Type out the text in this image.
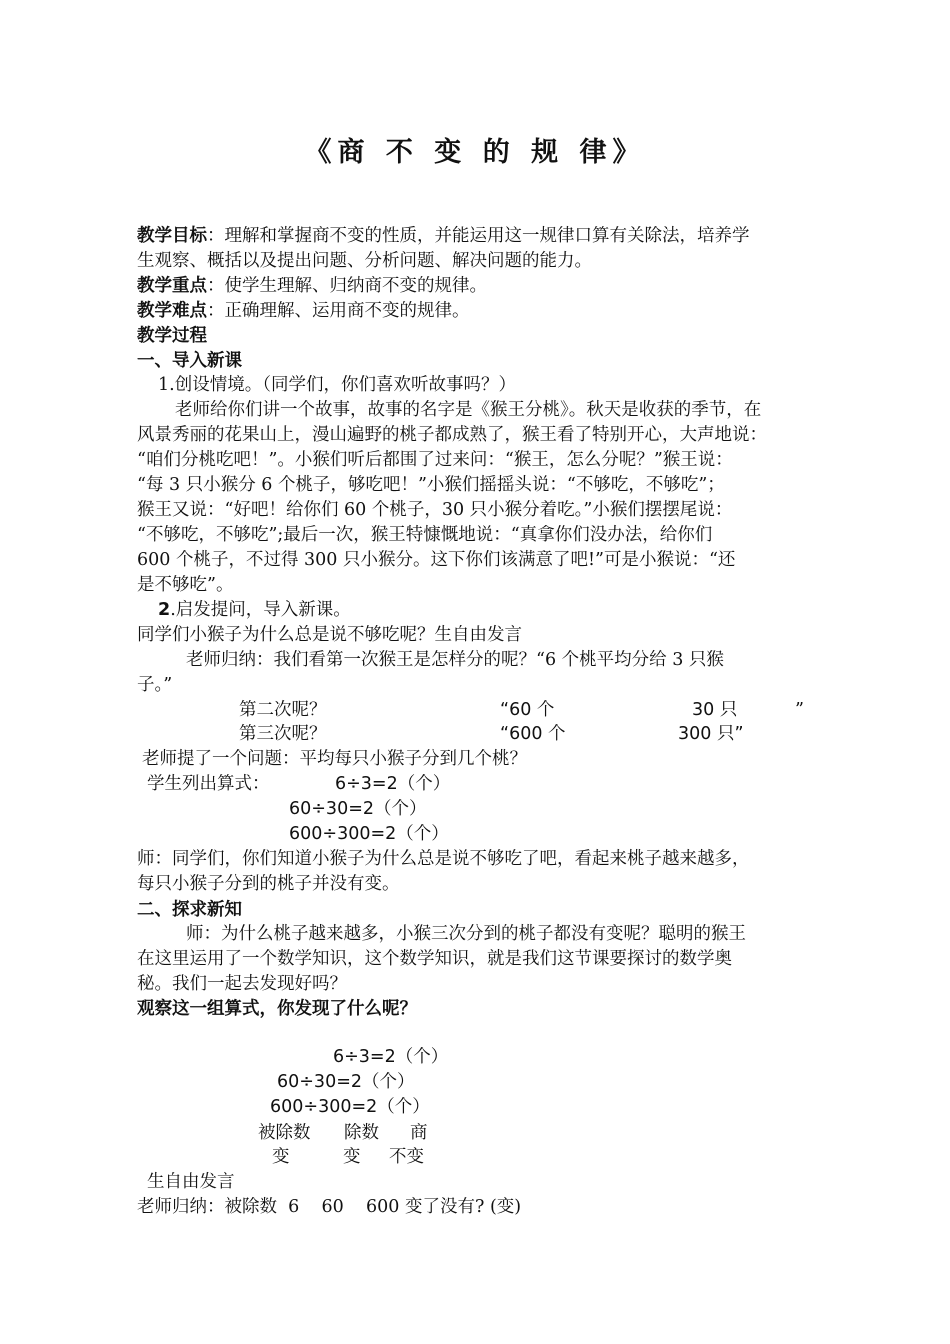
《商 不 变 的 规 律》
教学目标：理解和掌握商不变的性质，并能运用这一规律口算有关除法，培养学
生观察、概括以及提出问题、分析问题、解决问题的能力。
教学重点：使学生理解、归纳商不变的规律。
教学难点：正确理解、运用商不变的规律。
教学过程
一、导入新课
1.创设情境。（同学们，你们喜欢听故事吗？）
老师给你们讲一个故事，故事的名字是《猴王分桃》。秋天是收获的季节，在
风景秀丽的花果山上，漫山遍野的桃子都成熟了，猴王看了特别开心，大声地说：
“咱们分桃吃吧！”。小猴们听后都围了过来问：“猴王，怎么分呢？”猴王说：
“每 3 只小猴分 6 个桃子，够吃吧！”小猴们摇摇头说：“不够吃，不够吃”；
猴王又说：“好吧！给你们 60 个桃子，30 只小猴分着吃。”小猴们摆摆尾说：
“不够吃，不够吃”;最后一次，猴王特慷慨地说：“真拿你们没办法，给你们
600 个桃子，不过得 300 只小猴分。这下你们该满意了吧!”可是小猴说：“还
是不够吃”。
2.启发提问，导入新课。
同学们小猴子为什么总是说不够吃呢？生自由发言
老师归纳：我们看第一次猴王是怎样分的呢？“6 个桃平均分给 3 只猴
子。”
第二次呢？	“60 个	30 只	”
第三次呢？	“600 个	300 只”
老师提了一个问题：平均每只小猴子分到几个桃？
学生列出算式：	6÷3=2（个）
60÷30=2（个）
600÷300=2（个）
师：同学们，你们知道小猴子为什么总是说不够吃了吧，看起来桃子越来越多，
每只小猴子分到的桃子并没有变。
二、探求新知
师：为什么桃子越来越多，小猴三次分到的桃子都没有变呢？聪明的猴王
在这里运用了一个数学知识，这个数学知识，就是我们这节课要探讨的数学奥
秘。我们一起去发现好吗？
观察这一组算式，你发现了什么呢？
6÷3=2（个）
60÷30=2（个）
600÷300=2（个）
被除数 除数 商
变	变 不变
生自由发言
老师归纳：被除数  6    60    600 变了没有? (变)
